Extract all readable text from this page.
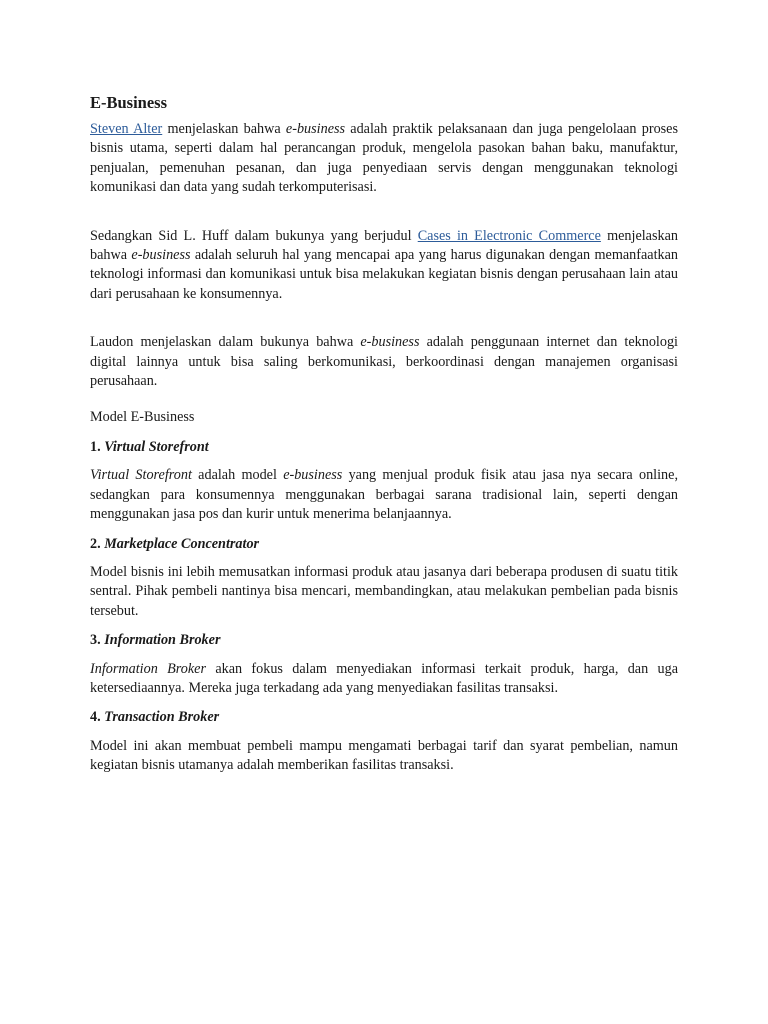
E-Business

Steven Alter menjelaskan bahwa e-business adalah praktik pelaksanaan dan juga pengelolaan proses bisnis utama, seperti dalam hal perancangan produk, mengelola pasokan bahan baku, manufaktur, penjualan, pemenuhan pesanan, dan juga penyediaan servis dengan menggunakan teknologi komunikasi dan data yang sudah terkomputerisasi.

Sedangkan Sid L. Huff dalam bukunya yang berjudul Cases in Electronic Commerce menjelaskan bahwa e-business adalah seluruh hal yang mencapai apa yang harus digunakan dengan memanfaatkan teknologi informasi dan komunikasi untuk bisa melakukan kegiatan bisnis dengan perusahaan lain atau dari perusahaan ke konsumennya.

Laudon menjelaskan dalam bukunya bahwa e-business adalah penggunaan internet dan teknologi digital lainnya untuk bisa saling berkomunikasi, berkoordinasi dengan manajemen organisasi perusahaan.

Model E-Business

1. Virtual Storefront

Virtual Storefront adalah model e-business yang menjual produk fisik atau jasa nya secara online, sedangkan para konsumennya menggunakan berbagai sarana tradisional lain, seperti dengan menggunakan jasa pos dan kurir untuk menerima belanjaannya.

2. Marketplace Concentrator

Model bisnis ini lebih memusatkan informasi produk atau jasanya dari beberapa produsen di suatu titik sentral. Pihak pembeli nantinya bisa mencari, membandingkan, atau melakukan pembelian pada bisnis tersebut.

3. Information Broker

Information Broker akan fokus dalam menyediakan informasi terkait produk, harga, dan uga ketersediaannya. Mereka juga terkadang ada yang menyediakan fasilitas transaksi.

4. Transaction Broker

Model ini akan membuat pembeli mampu mengamati berbagai tarif dan syarat pembelian, namun kegiatan bisnis utamanya adalah memberikan fasilitas transaksi.
